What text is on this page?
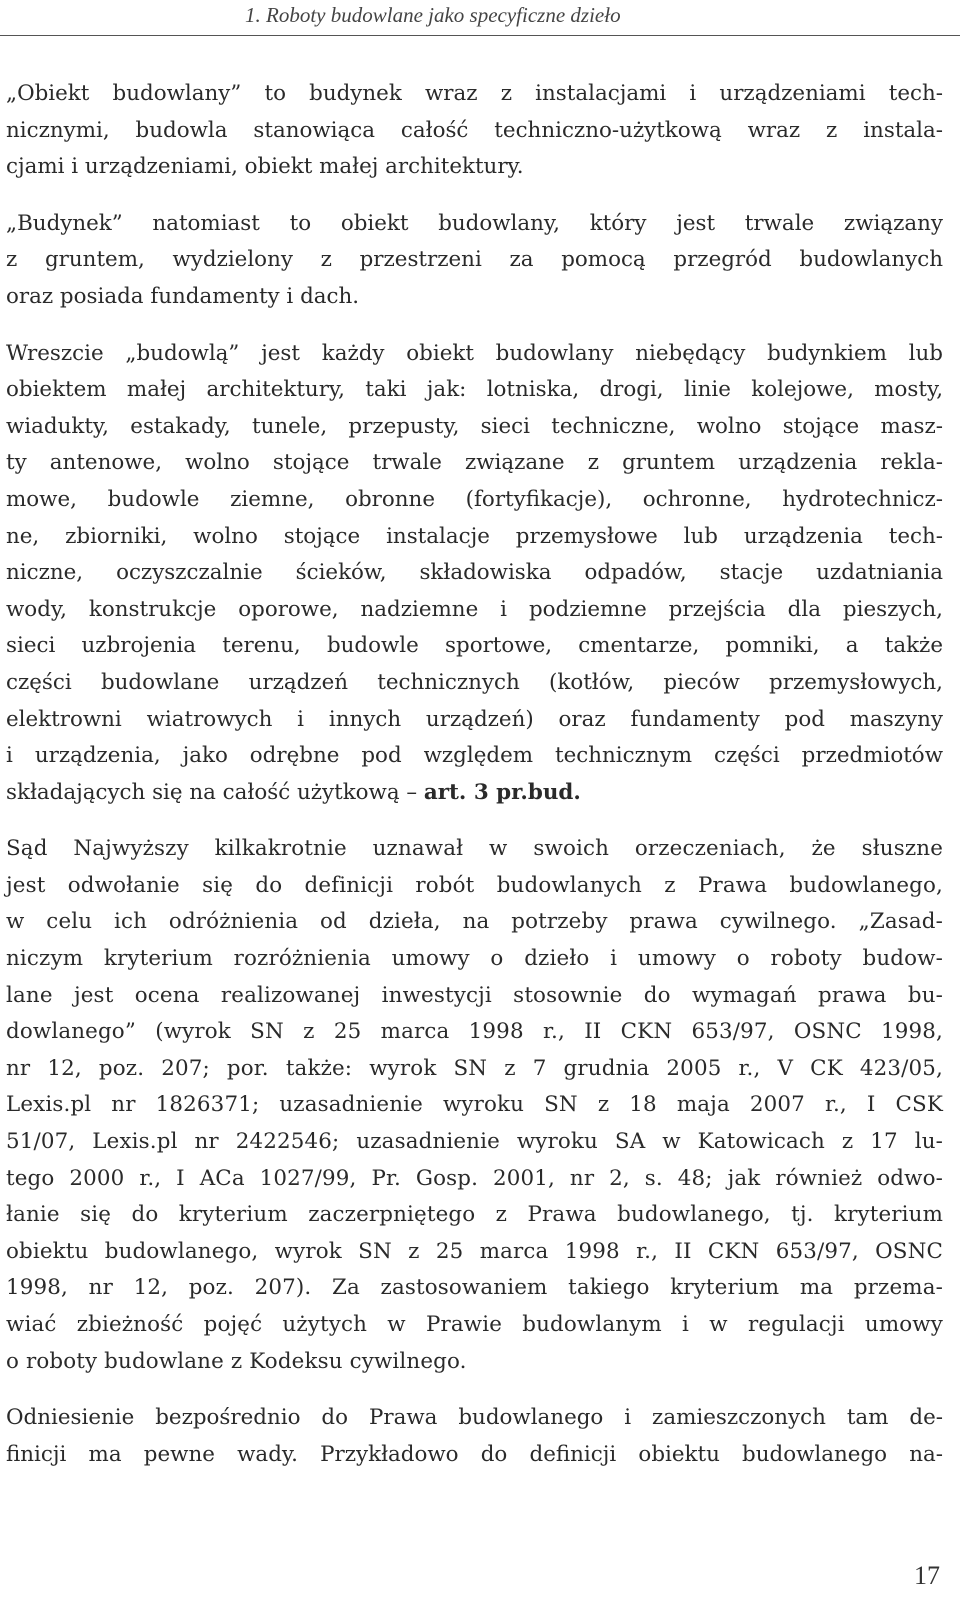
1. Roboty budowlane jako specyficzne dzieło

„Obiekt budowlany” to budynek wraz z instalacjami i urządzeniami tech-
nicznymi, budowla stanowiąca całość techniczno-użytkową wraz z instala-
cjami i urządzeniami, obiekt małej architektury.

„Budynek” natomiast to obiekt budowlany, który jest trwale związany
z gruntem, wydzielony z przestrzeni za pomocą przegród budowlanych
oraz posiada fundamenty i dach.

Wreszcie „budowlą” jest każdy obiekt budowlany niebędący budynkiem lub
obiektem małej architektury, taki jak: lotniska, drogi, linie kolejowe, mosty,
wiadukty, estakady, tunele, przepusty, sieci techniczne, wolno stojące masz-
ty antenowe, wolno stojące trwale związane z gruntem urządzenia rekla-
mowe, budowle ziemne, obronne (fortyfikacje), ochronne, hydrotechnicz-
ne, zbiorniki, wolno stojące instalacje przemysłowe lub urządzenia tech-
niczne, oczyszczalnie ścieków, składowiska odpadów, stacje uzdatniania
wody, konstrukcje oporowe, nadziemne i podziemne przejścia dla pieszych,
sieci uzbrojenia terenu, budowle sportowe, cmentarze, pomniki, a także
części budowlane urządzeń technicznych (kotłów, pieców przemysłowych,
elektrowni wiatrowych i innych urządzeń) oraz fundamenty pod maszyny
i urządzenia, jako odrębne pod względem technicznym części przedmiotów
składających się na całość użytkową – art. 3 pr.bud.

Sąd Najwyższy kilkakrotnie uznawał w swoich orzeczeniach, że słuszne
jest odwołanie się do definicji robót budowlanych z Prawa budowlanego,
w celu ich odróżnienia od dzieła, na potrzeby prawa cywilnego. „Zasad-
niczym kryterium rozróżnienia umowy o dzieło i umowy o roboty budow-
lane jest ocena realizowanej inwestycji stosownie do wymagań prawa bu-
dowlanego” (wyrok SN z 25 marca 1998 r., II CKN 653/97, OSNC 1998,
nr 12, poz. 207; por. także: wyrok SN z 7 grudnia 2005 r., V CK 423/05,
Lexis.pl nr 1826371; uzasadnienie wyroku SN z 18 maja 2007 r., I CSK
51/07, Lexis.pl nr 2422546; uzasadnienie wyroku SA w Katowicach z 17 lu-
tego 2000 r., I ACa 1027/99, Pr. Gosp. 2001, nr 2, s. 48; jak również odwo-
łanie się do kryterium zaczerpniętego z Prawa budowlanego, tj. kryterium
obiektu budowlanego, wyrok SN z 25 marca 1998 r., II CKN 653/97, OSNC
1998, nr 12, poz. 207). Za zastosowaniem takiego kryterium ma przema-
wiać zbieżność pojęć użytych w Prawie budowlanym i w regulacji umowy
o roboty budowlane z Kodeksu cywilnego.

Odniesienie bezpośrednio do Prawa budowlanego i zamieszczonych tam de-
finicji ma pewne wady. Przykładowo do definicji obiektu budowlanego na-

17
